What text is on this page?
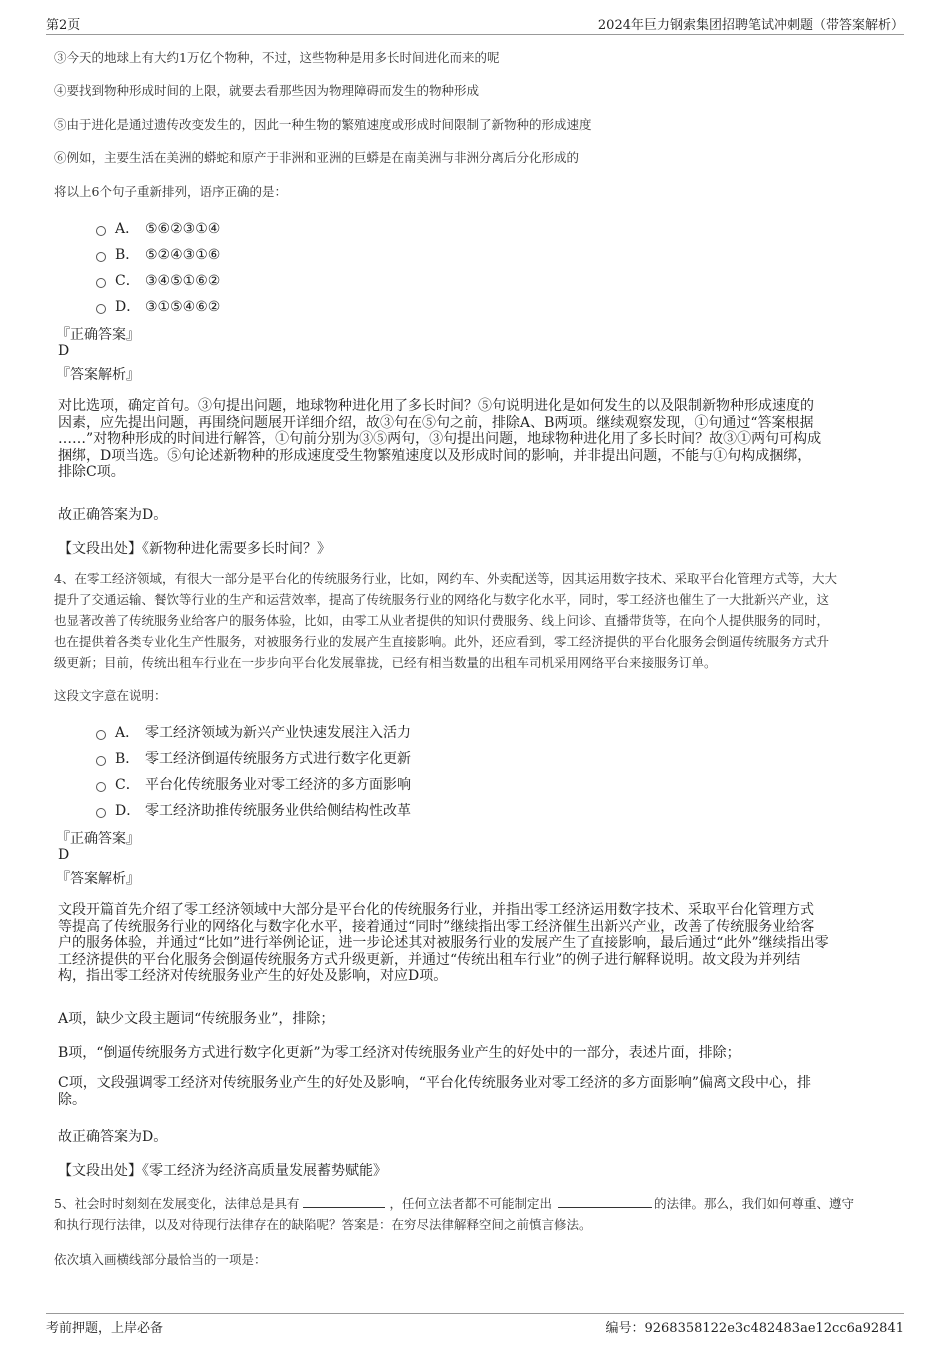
第2页	2024年巨力钢索集团招聘笔试冲刺题（带答案解析）
③今天的地球上有大约1万亿个物种，不过，这些物种是用多长时间进化而来的呢
④要找到物种形成时间的上限，就要去看那些因为物理障碍而发生的物种形成
⑤由于进化是通过遗传改变发生的，因此一种生物的繁殖速度或形成时间限制了新物种的形成速度
⑥例如，主要生活在美洲的蟒蛇和原产于非洲和亚洲的巨蟒是在南美洲与非洲分离后分化形成的
将以上6个句子重新排列，语序正确的是：
A． ⑤⑥②③①④
B． ⑤②④③①⑥
C． ③④⑤①⑥②
D． ③①⑤④⑥②
『正确答案』
D
『答案解析』
对比选项，确定首句。③句提出问题，地球物种进化用了多长时间？⑤句说明进化是如何发生的以及限制新物种形成速度的
因素，应先提出问题，再围绕问题展开详细介绍，故③句在⑤句之前，排除A、B两项。继续观察发现，①句通过“答案根据
……”对物种形成的时间进行解答，①句前分别为③⑤两句，③句提出问题，地球物种进化用了多长时间？故③①两句可构成
捆绑，D项当选。⑤句论述新物种的形成速度受生物繁殖速度以及形成时间的影响，并非提出问题，不能与①句构成捆绑，
排除C项。
故正确答案为D。
【文段出处】《新物种进化需要多长时间？》
4、在零工经济领域，有很大一部分是平台化的传统服务行业，比如，网约车、外卖配送等，因其运用数字技术、采取平台化管理方式等，大大
提升了交通运输、餐饮等行业的生产和运营效率，提高了传统服务行业的网络化与数字化水平，同时，零工经济也催生了一大批新兴产业，这
也显著改善了传统服务业给客户的服务体验，比如，由零工从业者提供的知识付费服务、线上问诊、直播带货等，在向个人提供服务的同时，
也在提供着各类专业化生产性服务，对被服务行业的发展产生直接影响。此外，还应看到，零工经济提供的平台化服务会倒逼传统服务方式升
级更新；目前，传统出租车行业在一步步向平台化发展靠拢，已经有相当数量的出租车司机采用网络平台来接服务订单。
这段文字意在说明：
A． 零工经济领域为新兴产业快速发展注入活力
B． 零工经济倒逼传统服务方式进行数字化更新
C． 平台化传统服务业对零工经济的多方面影响
D． 零工经济助推传统服务业供给侧结构性改革
『正确答案』
D
『答案解析』
文段开篇首先介绍了零工经济领域中大部分是平台化的传统服务行业，并指出零工经济运用数字技术、采取平台化管理方式
等提高了传统服务行业的网络化与数字化水平，接着通过“同时”继续指出零工经济催生出新兴产业，改善了传统服务业给客
户的服务体验，并通过“比如”进行举例论证，进一步论述其对被服务行业的发展产生了直接影响，最后通过“此外”继续指出零
工经济提供的平台化服务会倒逼传统服务方式升级更新，并通过“传统出租车行业”的例子进行解释说明。故文段为并列结
构，指出零工经济对传统服务业产生的好处及影响，对应D项。
A项，缺少文段主题词“传统服务业”，排除；
B项，“倒逼传统服务方式进行数字化更新”为零工经济对传统服务业产生的好处中的一部分，表述片面，排除；
C项，文段强调零工经济对传统服务业产生的好处及影响，“平台化传统服务业对零工经济的多方面影响”偏离文段中心，排
除。
故正确答案为D。
【文段出处】《零工经济为经济高质量发展蓄势赋能》
5、社会时时刻刻在发展变化，法律总是具有	，任何立法者都不可能制定出	的法律。那么，我们如何尊重、遵守
和执行现行法律，以及对待现行法律存在的缺陷呢？答案是：在穷尽法律解释空间之前慎言修法。
依次填入画横线部分最恰当的一项是：
考前押题，上岸必备	编号：9268358122e3c482483ae12cc6a92841
